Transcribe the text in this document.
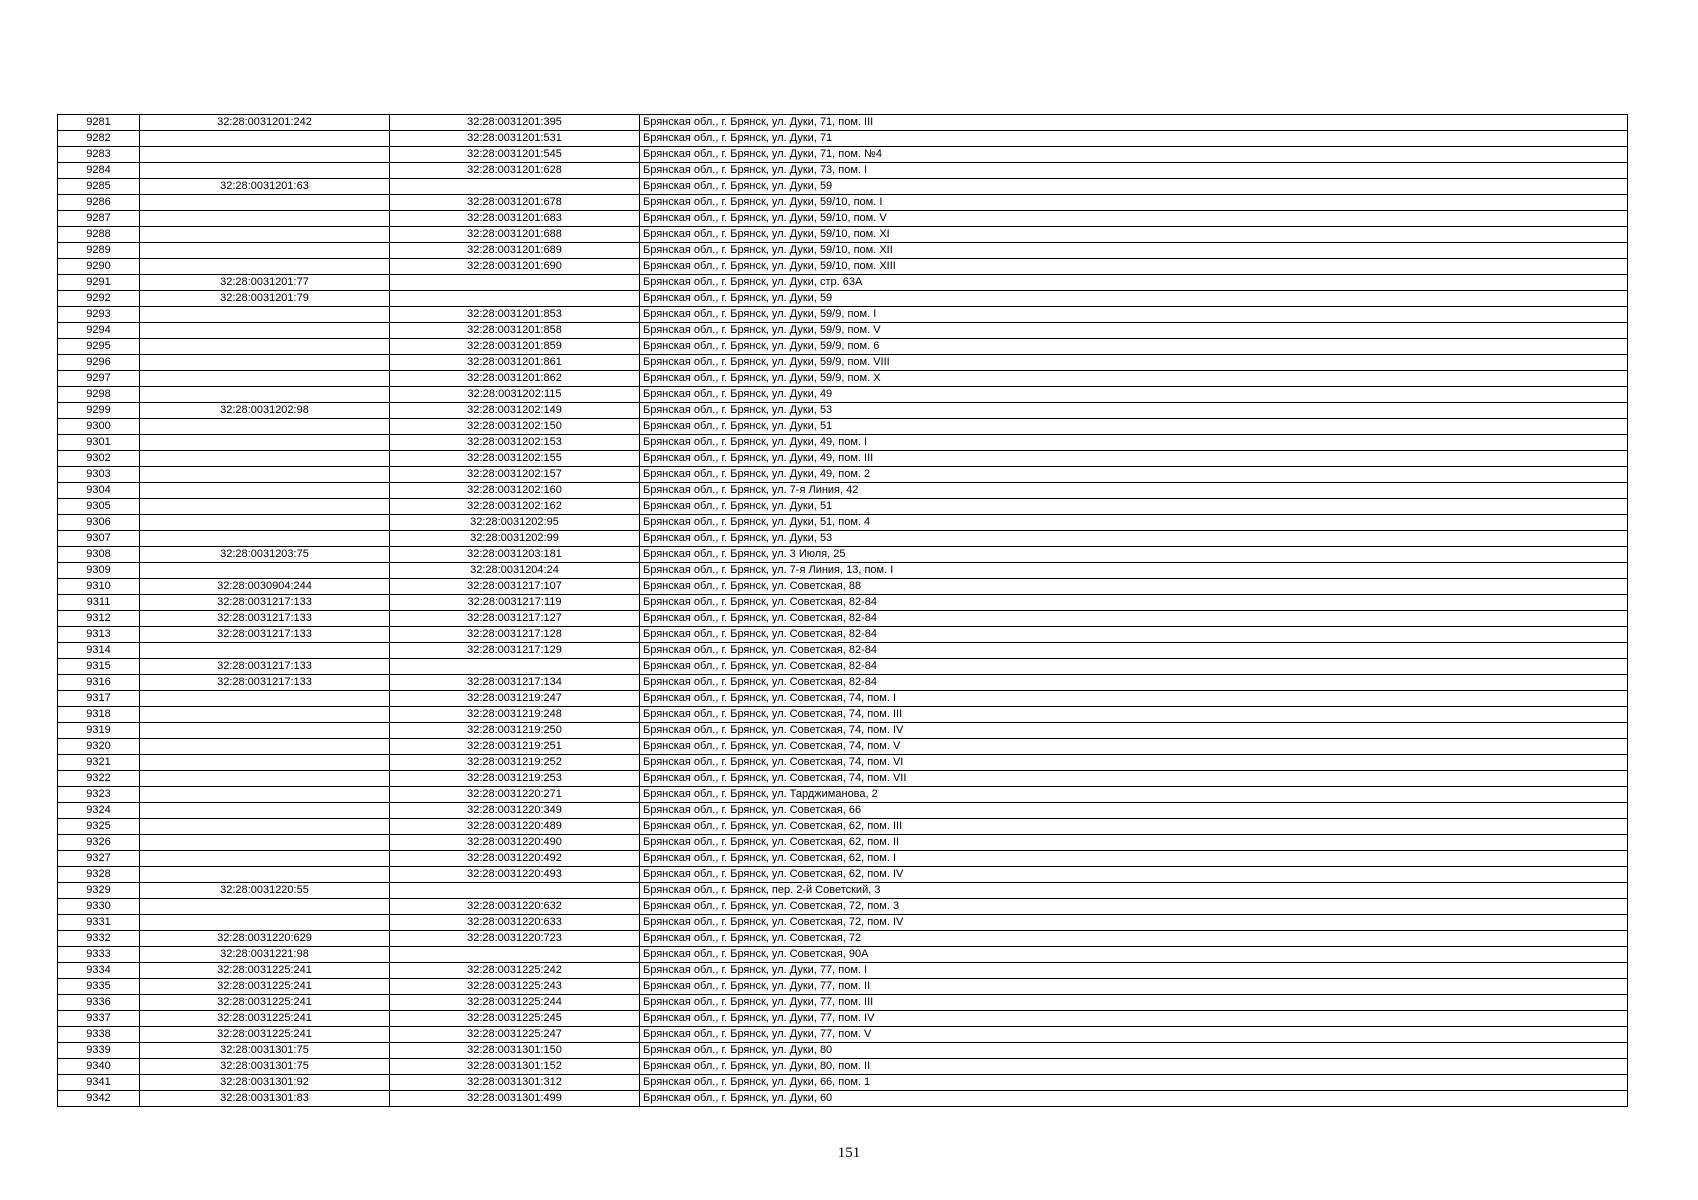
9281	32:28:0031201:242	32:28:0031201:395	Брянская обл., г. Брянск, ул. Дуки, 71, пом. III
9282		32:28:0031201:531	Брянская обл., г. Брянск, ул. Дуки, 71
9283		32:28:0031201:545	Брянская обл., г. Брянск, ул. Дуки, 71, пом. №4
9284		32:28:0031201:628	Брянская обл., г. Брянск, ул. Дуки, 73, пом. I
9285	32:28:0031201:63		Брянская обл., г. Брянск, ул. Дуки, 59
9286		32:28:0031201:678	Брянская обл., г. Брянск, ул. Дуки, 59/10, пом. I
9287		32:28:0031201:683	Брянская обл., г. Брянск, ул. Дуки, 59/10, пом. V
9288		32:28:0031201:688	Брянская обл., г. Брянск, ул. Дуки, 59/10, пом. XI
9289		32:28:0031201:689	Брянская обл., г. Брянск, ул. Дуки, 59/10, пом. XII
9290		32:28:0031201:690	Брянская обл., г. Брянск, ул. Дуки, 59/10, пом. XIII
9291	32:28:0031201:77		Брянская обл., г. Брянск, ул. Дуки, стр. 63А
9292	32:28:0031201:79		Брянская обл., г. Брянск, ул. Дуки, 59
9293		32:28:0031201:853	Брянская обл., г. Брянск, ул. Дуки, 59/9, пом. I
9294		32:28:0031201:858	Брянская обл., г. Брянск, ул. Дуки, 59/9, пом. V
9295		32:28:0031201:859	Брянская обл., г. Брянск, ул. Дуки, 59/9, пом. 6
9296		32:28:0031201:861	Брянская обл., г. Брянск, ул. Дуки, 59/9, пом. VIII
9297		32:28:0031201:862	Брянская обл., г. Брянск, ул. Дуки, 59/9, пом. X
9298		32:28:0031202:115	Брянская обл., г. Брянск, ул. Дуки, 49
9299	32:28:0031202:98	32:28:0031202:149	Брянская обл., г. Брянск, ул. Дуки, 53
9300		32:28:0031202:150	Брянская обл., г. Брянск, ул. Дуки, 51
9301		32:28:0031202:153	Брянская обл., г. Брянск, ул. Дуки, 49, пом. I
9302		32:28:0031202:155	Брянская обл., г. Брянск, ул. Дуки, 49, пом. III
9303		32:28:0031202:157	Брянская обл., г. Брянск, ул. Дуки, 49, пом. 2
9304		32:28:0031202:160	Брянская обл., г. Брянск, ул. 7-я Линия, 42
9305		32:28:0031202:162	Брянская обл., г. Брянск, ул. Дуки, 51
9306		32:28:0031202:95	Брянская обл., г. Брянск, ул. Дуки, 51, пом. 4
9307		32:28:0031202:99	Брянская обл., г. Брянск, ул. Дуки, 53
9308	32:28:0031203:75	32:28:0031203:181	Брянская обл., г. Брянск, ул. 3 Июля, 25
9309		32:28:0031204:24	Брянская обл., г. Брянск, ул. 7-я Линия, 13, пом. I
9310	32:28:0030904:244	32:28:0031217:107	Брянская обл., г. Брянск, ул. Советская, 88
9311	32:28:0031217:133	32:28:0031217:119	Брянская обл., г. Брянск, ул. Советская, 82-84
9312	32:28:0031217:133	32:28:0031217:127	Брянская обл., г. Брянск, ул. Советская, 82-84
9313	32:28:0031217:133	32:28:0031217:128	Брянская обл., г. Брянск, ул. Советская, 82-84
9314		32:28:0031217:129	Брянская обл., г. Брянск, ул. Советская, 82-84
9315	32:28:0031217:133		Брянская обл., г. Брянск, ул. Советская, 82-84
9316	32:28:0031217:133	32:28:0031217:134	Брянская обл., г. Брянск, ул. Советская, 82-84
9317		32:28:0031219:247	Брянская обл., г. Брянск, ул. Советская, 74, пом. I
9318		32:28:0031219:248	Брянская обл., г. Брянск, ул. Советская, 74, пом. III
9319		32:28:0031219:250	Брянская обл., г. Брянск, ул. Советская, 74, пом. IV
9320		32:28:0031219:251	Брянская обл., г. Брянск, ул. Советская, 74, пом. V
9321		32:28:0031219:252	Брянская обл., г. Брянск, ул. Советская, 74, пом. VI
9322		32:28:0031219:253	Брянская обл., г. Брянск, ул. Советская, 74, пом. VII
9323		32:28:0031220:271	Брянская обл., г. Брянск, ул. Тарджиманова, 2
9324		32:28:0031220:349	Брянская обл., г. Брянск, ул. Советская, 66
9325		32:28:0031220:489	Брянская обл., г. Брянск, ул. Советская, 62, пом. III
9326		32:28:0031220:490	Брянская обл., г. Брянск, ул. Советская, 62, пом. II
9327		32:28:0031220:492	Брянская обл., г. Брянск, ул. Советская, 62, пом. I
9328		32:28:0031220:493	Брянская обл., г. Брянск, ул. Советская, 62, пом. IV
9329	32:28:0031220:55		Брянская обл., г. Брянск, пер. 2-й Советский, 3
9330		32:28:0031220:632	Брянская обл., г. Брянск, ул. Советская, 72, пом. 3
9331		32:28:0031220:633	Брянская обл., г. Брянск, ул. Советская, 72, пом. IV
9332	32:28:0031220:629	32:28:0031220:723	Брянская обл., г. Брянск, ул. Советская, 72
9333	32:28:0031221:98		Брянская обл., г. Брянск, ул. Советская, 90А
9334	32:28:0031225:241	32:28:0031225:242	Брянская обл., г. Брянск, ул. Дуки, 77, пом. I
9335	32:28:0031225:241	32:28:0031225:243	Брянская обл., г. Брянск, ул. Дуки, 77, пом. II
9336	32:28:0031225:241	32:28:0031225:244	Брянская обл., г. Брянск, ул. Дуки, 77, пом. III
9337	32:28:0031225:241	32:28:0031225:245	Брянская обл., г. Брянск, ул. Дуки, 77, пом. IV
9338	32:28:0031225:241	32:28:0031225:247	Брянская обл., г. Брянск, ул. Дуки, 77, пом. V
9339	32:28:0031301:75	32:28:0031301:150	Брянская обл., г. Брянск, ул. Дуки, 80
9340	32:28:0031301:75	32:28:0031301:152	Брянская обл., г. Брянск, ул. Дуки, 80, пом. II
9341	32:28:0031301:92	32:28:0031301:312	Брянская обл., г. Брянск, ул. Дуки, 66, пом. 1
9342	32:28:0031301:83	32:28:0031301:499	Брянская обл., г. Брянск, ул. Дуки, 60
151
